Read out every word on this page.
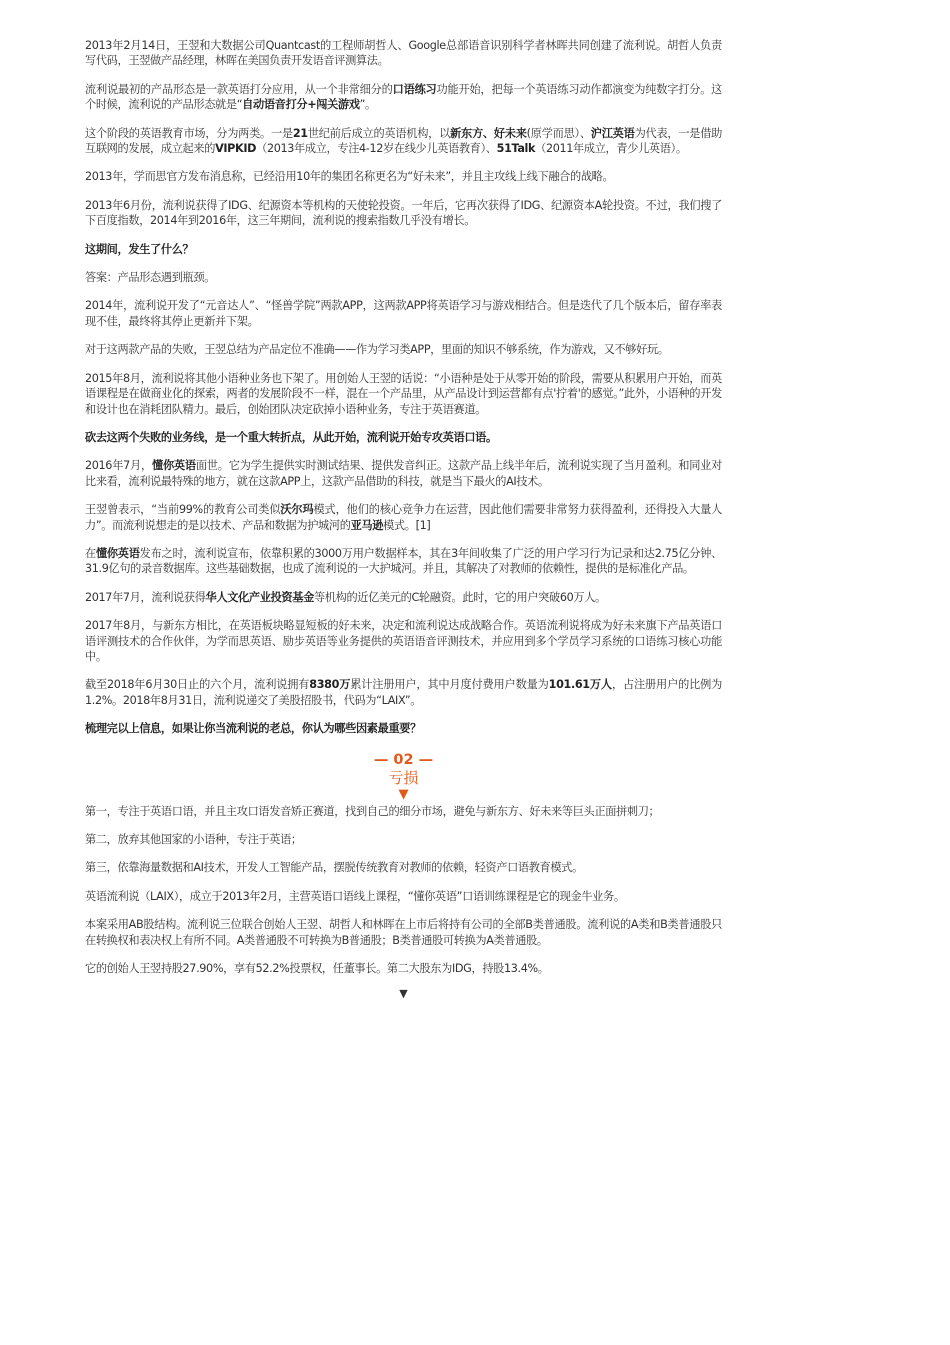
2013年2月14日，王翌和大数据公司Quantcast的工程师胡哲人、Google总部语音识别科学者林晖共同创建了流利说。胡哲人负责写代码，王翌做产品经理，林晖在美国负责开发语音评测算法。

流利说最初的产品形态是一款英语打分应用，从一个非常细分的口语练习功能开始，把每一个英语练习动作都演变为纯数字打分。这个时候，流利说的产品形态就是“自动语音打分+闯关游戏”。

这个阶段的英语教育市场，分为两类。一是21世纪前后成立的英语机构，以新东方、好未来(原学而思）、沪江英语为代表，一是借助互联网的发展，成立起来的VIPKID（2013年成立，专注4-12岁在线少儿英语教育）、51Talk（2011年成立，青少儿英语）。

2013年，学而思官方发布消息称，已经沿用10年的集团名称更名为“好未来”，并且主攻线上线下融合的战略。

2013年6月份，流利说获得了IDG、纪源资本等机构的天使轮投资。一年后，它再次获得了IDG、纪源资本A轮投资。不过，我们搜了下百度指数，2014年到2016年，这三年期间，流利说的搜索指数几乎没有增长。

这期间，发生了什么？

答案：产品形态遇到瓶颈。

2014年，流利说开发了“元音达人”、“怪兽学院”两款APP，这两款APP将英语学习与游戏相结合。但是迭代了几个版本后，留存率表现不佳，最终将其停止更新并下架。

对于这两款产品的失败，王翌总结为产品定位不准确——作为学习类APP，里面的知识不够系统，作为游戏，又不够好玩。

2015年8月，流利说将其他小语种业务也下架了。用创始人王翌的话说：“小语种是处于从零开始的阶段，需要从积累用户开始，而英语课程是在做商业化的探索，两者的发展阶段不一样，混在一个产品里，从产品设计到运营都有点'拧着'的感觉。”此外，小语种的开发和设计也在消耗团队精力。最后，创始团队决定砍掉小语种业务，专注于英语赛道。

砍去这两个失败的业务线，是一个重大转折点，从此开始，流利说开始专攻英语口语。

2016年7月，懂你英语面世。它为学生提供实时测试结果、提供发音纠正。这款产品上线半年后，流利说实现了当月盈利。和同业对比来看，流利说最特殊的地方，就在这款APP上，这款产品借助的科技，就是当下最火的AI技术。

王翌曾表示，“当前99%的教育公司类似沃尔玛模式，他们的核心竞争力在运营，因此他们需要非常努力获得盈利，还得投入大量人力”。而流利说想走的是以技术、产品和数据为护城河的亚马逊模式。[1]

在懂你英语发布之时，流利说宣布，依靠积累的3000万用户数据样本，其在3年间收集了广泛的用户学习行为记录和达2.75亿分钟、31.9亿句的录音数据库。这些基础数据，也成了流利说的一大护城河。并且，其解决了对教师的依赖性，提供的是标准化产品。

2017年7月，流利说获得华人文化产业投资基金等机构的近亿美元的C轮融资。此时，它的用户突破60万人。

2017年8月，与新东方相比，在英语板块略显短板的好未来，决定和流利说达成战略合作。英语流利说将成为好未来旗下产品英语口语评测技术的合作伙伴，为学而思英语、励步英语等业务提供的英语语音评测技术，并应用到多个学员学习系统的口语练习核心功能中。

截至2018年6月30日止的六个月，流利说拥有8380万累计注册用户，其中月度付费用户数量为101.61万人，占注册用户的比例为1.2%。2018年8月31日，流利说递交了美股招股书，代码为“LAIX”。

梳理完以上信息，如果让你当流利说的老总，你认为哪些因素最重要？

— 02 —
亏损
▼

第一，专注于英语口语，并且主攻口语发音矫正赛道，找到自己的细分市场，避免与新东方、好未来等巨头正面拼刺刀；

第二，放弃其他国家的小语种，专注于英语；

第三，依靠海量数据和AI技术，开发人工智能产品，摆脱传统教育对教师的依赖，轻资产口语教育模式。

英语流利说（LAIX），成立于2013年2月，主营英语口语线上课程，“懂你英语”口语训练课程是它的现金牛业务。

本案采用AB股结构。流利说三位联合创始人王翌、胡哲人和林晖在上市后将持有公司的全部B类普通股。流利说的A类和B类普通股只在转换权和表决权上有所不同。A类普通股不可转换为B普通股；B类普通股可转换为A类普通股。

它的创始人王翌持股27.90%，享有52.2%投票权，任董事长。第二大股东为IDG，持股13.4%。

▼
